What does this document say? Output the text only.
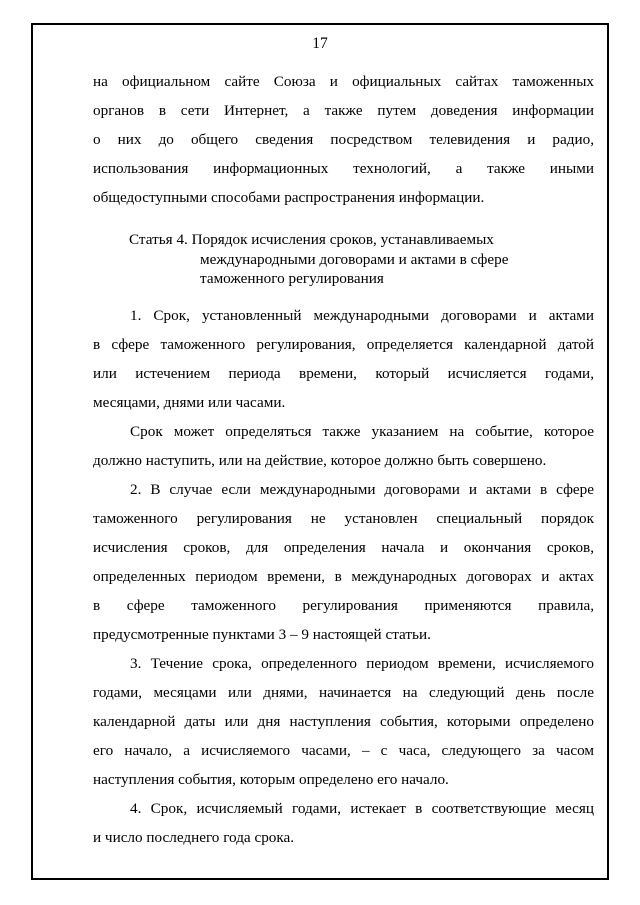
17
на официальном сайте Союза и официальных сайтах таможенных
органов в сети Интернет, а также путем доведения информации
о них до общего сведения посредством телевидения и радио,
использования информационных технологий, а также иными
общедоступными способами распространения информации.
Статья 4. Порядок исчисления сроков, устанавливаемых
международными договорами и актами в сфере
таможенного регулирования
1. Срок, установленный международными договорами и актами
в сфере таможенного регулирования, определяется календарной датой
или истечением периода времени, который исчисляется годами,
месяцами, днями или часами.
Срок может определяться также указанием на событие, которое
должно наступить, или на действие, которое должно быть совершено.
2. В случае если международными договорами и актами в сфере
таможенного регулирования не установлен специальный порядок
исчисления сроков, для определения начала и окончания сроков,
определенных периодом времени, в международных договорах и актах
в сфере таможенного регулирования применяются правила,
предусмотренные пунктами 3 – 9 настоящей статьи.
3. Течение срока, определенного периодом времени, исчисляемого
годами, месяцами или днями, начинается на следующий день после
календарной даты или дня наступления события, которыми определено
его начало, а исчисляемого часами, – с часа, следующего за часом
наступления события, которым определено его начало.
4. Срок, исчисляемый годами, истекает в соответствующие месяц
и число последнего года срока.
